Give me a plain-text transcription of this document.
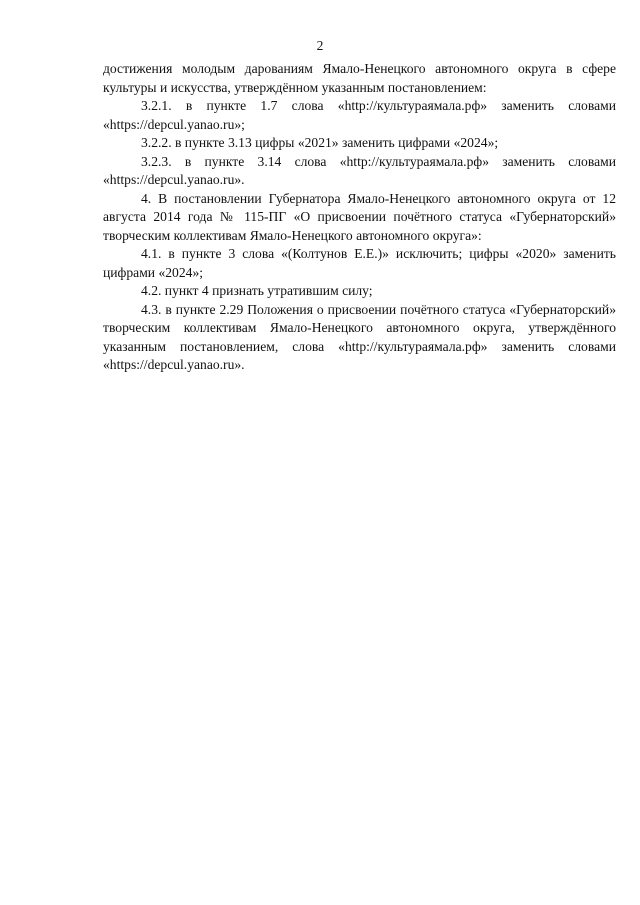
2

достижения молодым дарованиям Ямало-Ненецкого автономного округа в сфере культуры и искусства, утверждённом указанным постановлением:

3.2.1. в пункте 1.7 слова «http://культураямала.рф» заменить словами «https://depcul.yanao.ru»;

3.2.2. в пункте 3.13 цифры «2021» заменить цифрами «2024»;

3.2.3. в пункте 3.14 слова «http://культураямала.рф» заменить словами «https://depcul.yanao.ru».

4. В постановлении Губернатора Ямало-Ненецкого автономного округа от 12 августа 2014 года № 115-ПГ «О присвоении почётного статуса «Губернаторский» творческим коллективам Ямало-Ненецкого автономного округа»:

4.1. в пункте 3 слова «(Колтунов Е.Е.)» исключить; цифры «2020» заменить цифрами «2024»;

4.2. пункт 4 признать утратившим силу;

4.3. в пункте 2.29 Положения о присвоении почётного статуса «Губернаторский» творческим коллективам Ямало-Ненецкого автономного округа, утверждённого указанным постановлением, слова «http://культураямала.рф» заменить словами «https://depcul.yanao.ru».
